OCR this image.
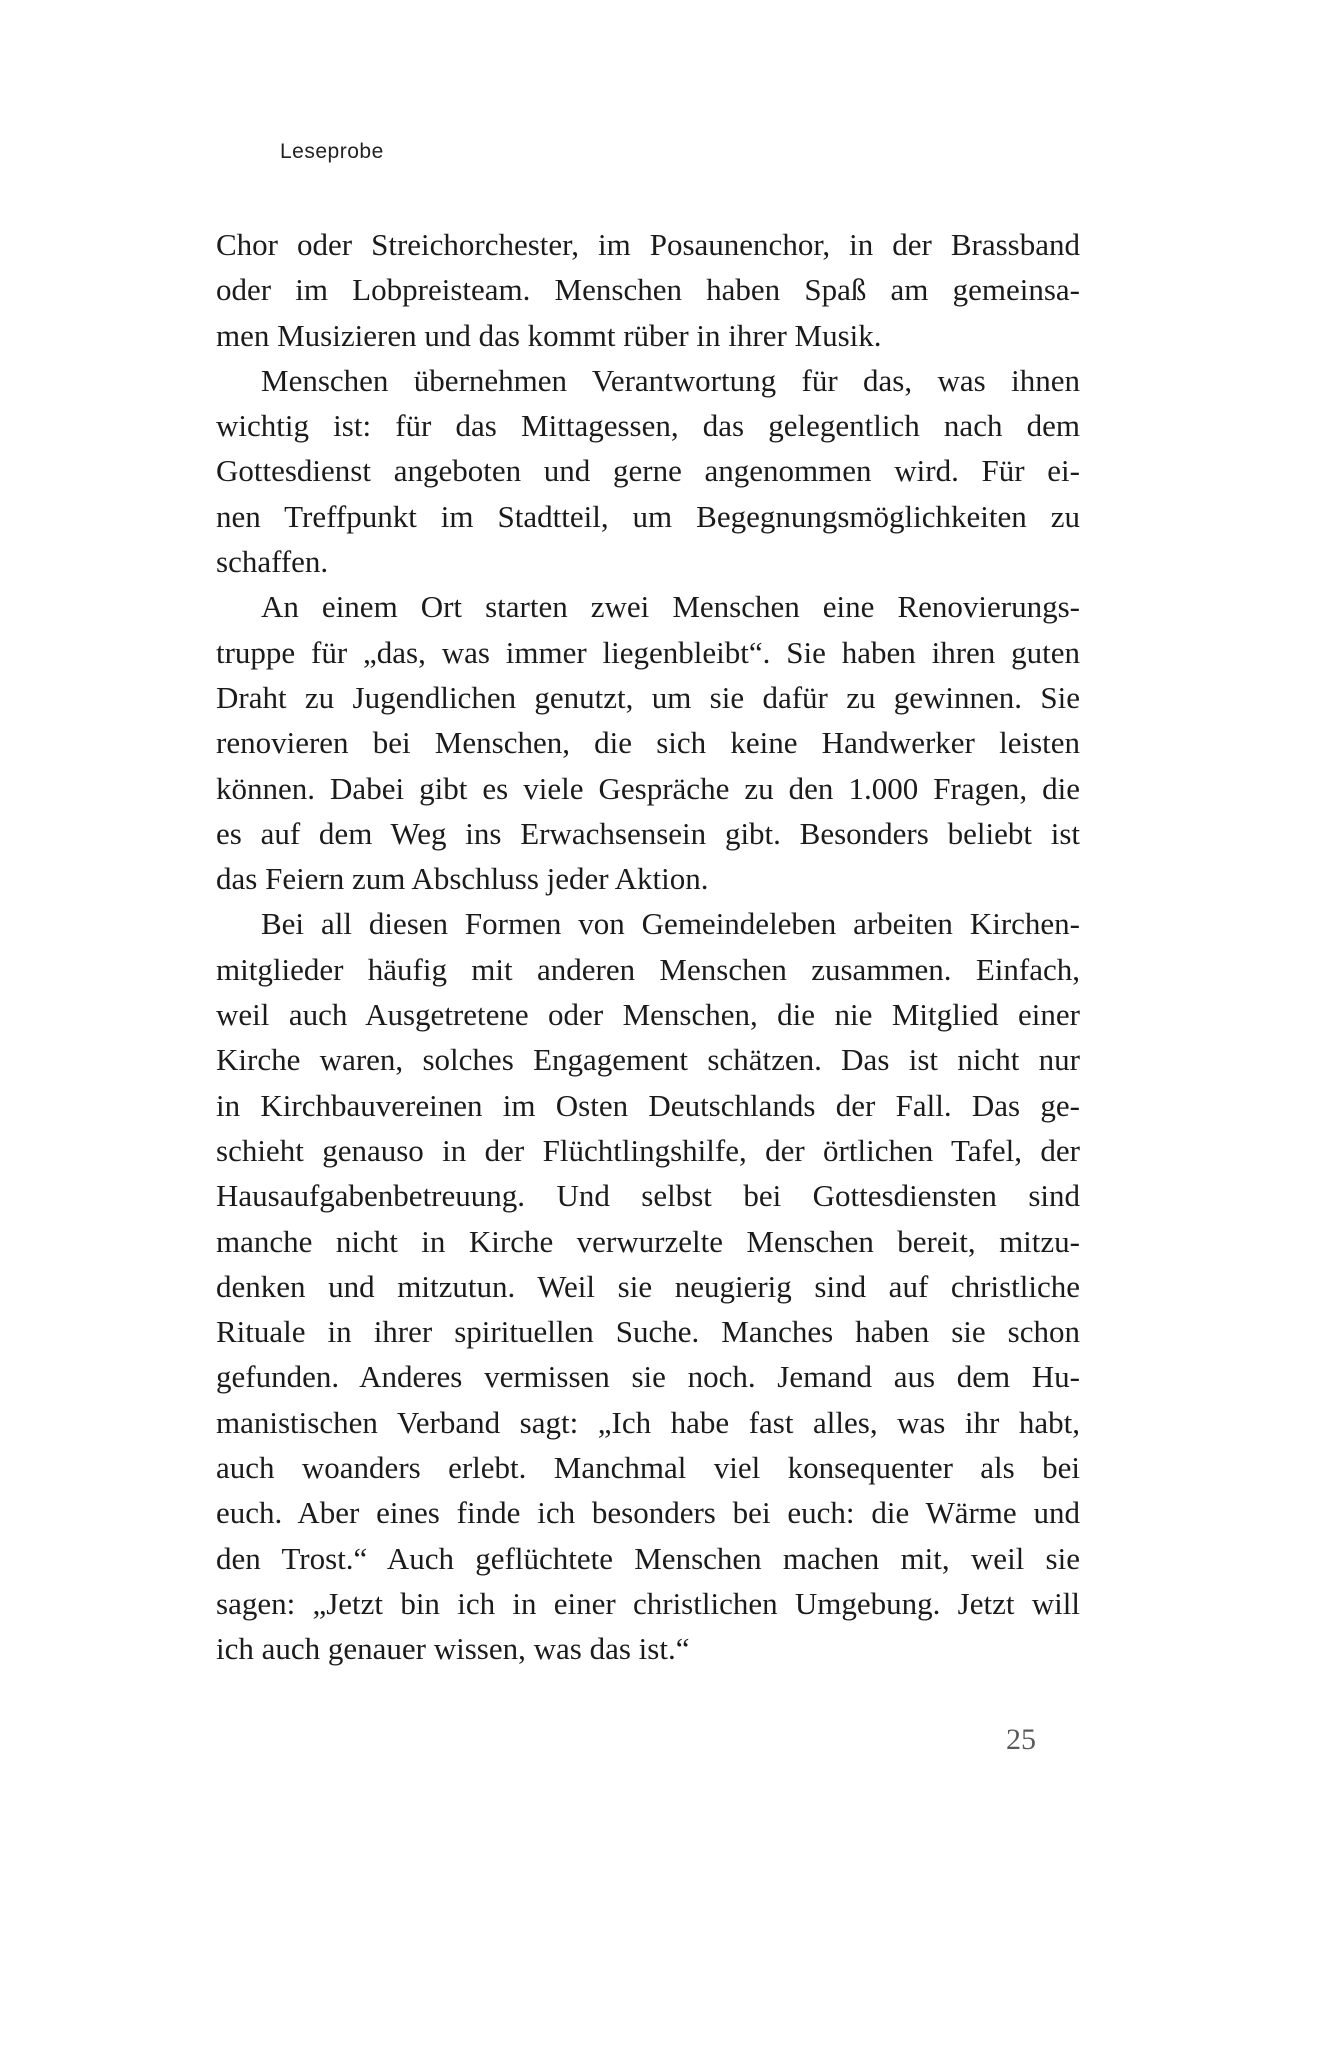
Leseprobe

Chor oder Streichorchester, im Posaunenchor, in der Brassband
oder im Lobpreisteam. Menschen haben Spaß am gemeinsa-
men Musizieren und das kommt rüber in ihrer Musik.

Menschen übernehmen Verantwortung für das, was ihnen
wichtig ist: für das Mittagessen, das gelegentlich nach dem
Gottesdienst angeboten und gerne angenommen wird. Für ei-
nen Treffpunkt im Stadtteil, um Begegnungsmöglichkeiten zu
schaffen.

An einem Ort starten zwei Menschen eine Renovierungs-
truppe für „das, was immer liegenbleibt“. Sie haben ihren guten
Draht zu Jugendlichen genutzt, um sie dafür zu gewinnen. Sie
renovieren bei Menschen, die sich keine Handwerker leisten
können. Dabei gibt es viele Gespräche zu den 1.000 Fragen, die
es auf dem Weg ins Erwachsensein gibt. Besonders beliebt ist
das Feiern zum Abschluss jeder Aktion.

Bei all diesen Formen von Gemeindeleben arbeiten Kirchen-
mitglieder häufig mit anderen Menschen zusammen. Einfach,
weil auch Ausgetretene oder Menschen, die nie Mitglied einer
Kirche waren, solches Engagement schätzen. Das ist nicht nur
in Kirchbauvereinen im Osten Deutschlands der Fall. Das ge-
schieht genauso in der Flüchtlingshilfe, der örtlichen Tafel, der
Hausaufgabenbetreuung. Und selbst bei Gottesdiensten sind
manche nicht in Kirche verwurzelte Menschen bereit, mitzu-
denken und mitzutun. Weil sie neugierig sind auf christliche
Rituale in ihrer spirituellen Suche. Manches haben sie schon
gefunden. Anderes vermissen sie noch. Jemand aus dem Hu-
manistischen Verband sagt: „Ich habe fast alles, was ihr habt,
auch woanders erlebt. Manchmal viel konsequenter als bei
euch. Aber eines finde ich besonders bei euch: die Wärme und
den Trost.“ Auch geflüchtete Menschen machen mit, weil sie
sagen: „Jetzt bin ich in einer christlichen Umgebung. Jetzt will
ich auch genauer wissen, was das ist.“

25
